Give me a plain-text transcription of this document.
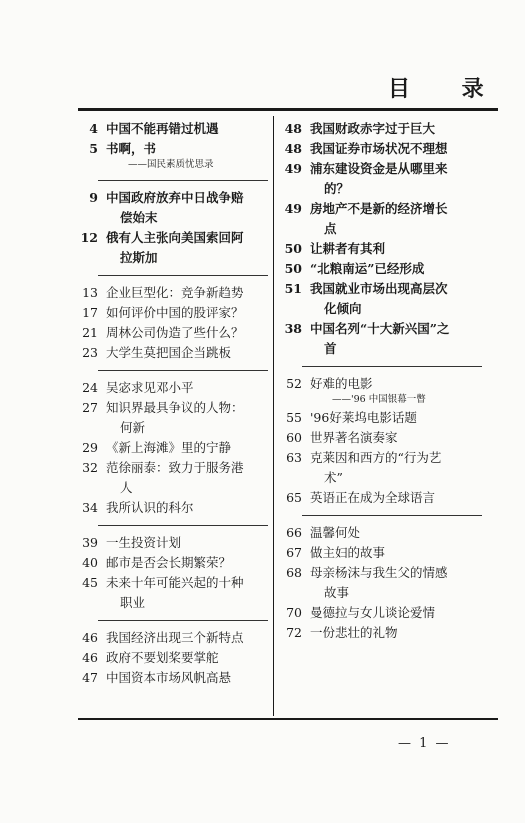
目 录
4 中国不能再错过机遇
5 书啊，书
——国民素质忧思录
9 中国政府放弃中日战争赔
偿始末
12 俄有人主张向美国索回阿
拉斯加
13 企业巨型化：竞争新趋势
17 如何评价中国的股评家？
21 周林公司伪造了些什么？
23 大学生莫把国企当跳板
24 吴宓求见邓小平
27 知识界最具争议的人物：
何新
29 《新上海滩》里的宁静
32 范徐丽泰：致力于服务港
人
34 我所认识的科尔
39 一生投资计划
40 邮市是否会长期繁荣？
45 未来十年可能兴起的十种
职业
46 我国经济出现三个新特点
46 政府不要划桨要掌舵
47 中国资本市场风帆高悬
48 我国财政赤字过于巨大
48 我国证券市场状况不理想
49 浦东建设资金是从哪里来
的？
49 房地产不是新的经济增长
点
50 让耕者有其利
50 “北粮南运”已经形成
51 我国就业市场出现高层次
化倾向
38 中国名列“十大新兴国”之
首
52 好难的电影
——'96 中国银幕一瞥
55 '96好莱坞电影话题
60 世界著名演奏家
63 克莱因和西方的“行为艺
术”
65 英语正在成为全球语言
66 温馨何处
67 做主妇的故事
68 母亲杨沫与我生父的情感
故事
70 曼德拉与女儿谈论爱情
72 一份悲壮的礼物
— 1 —
